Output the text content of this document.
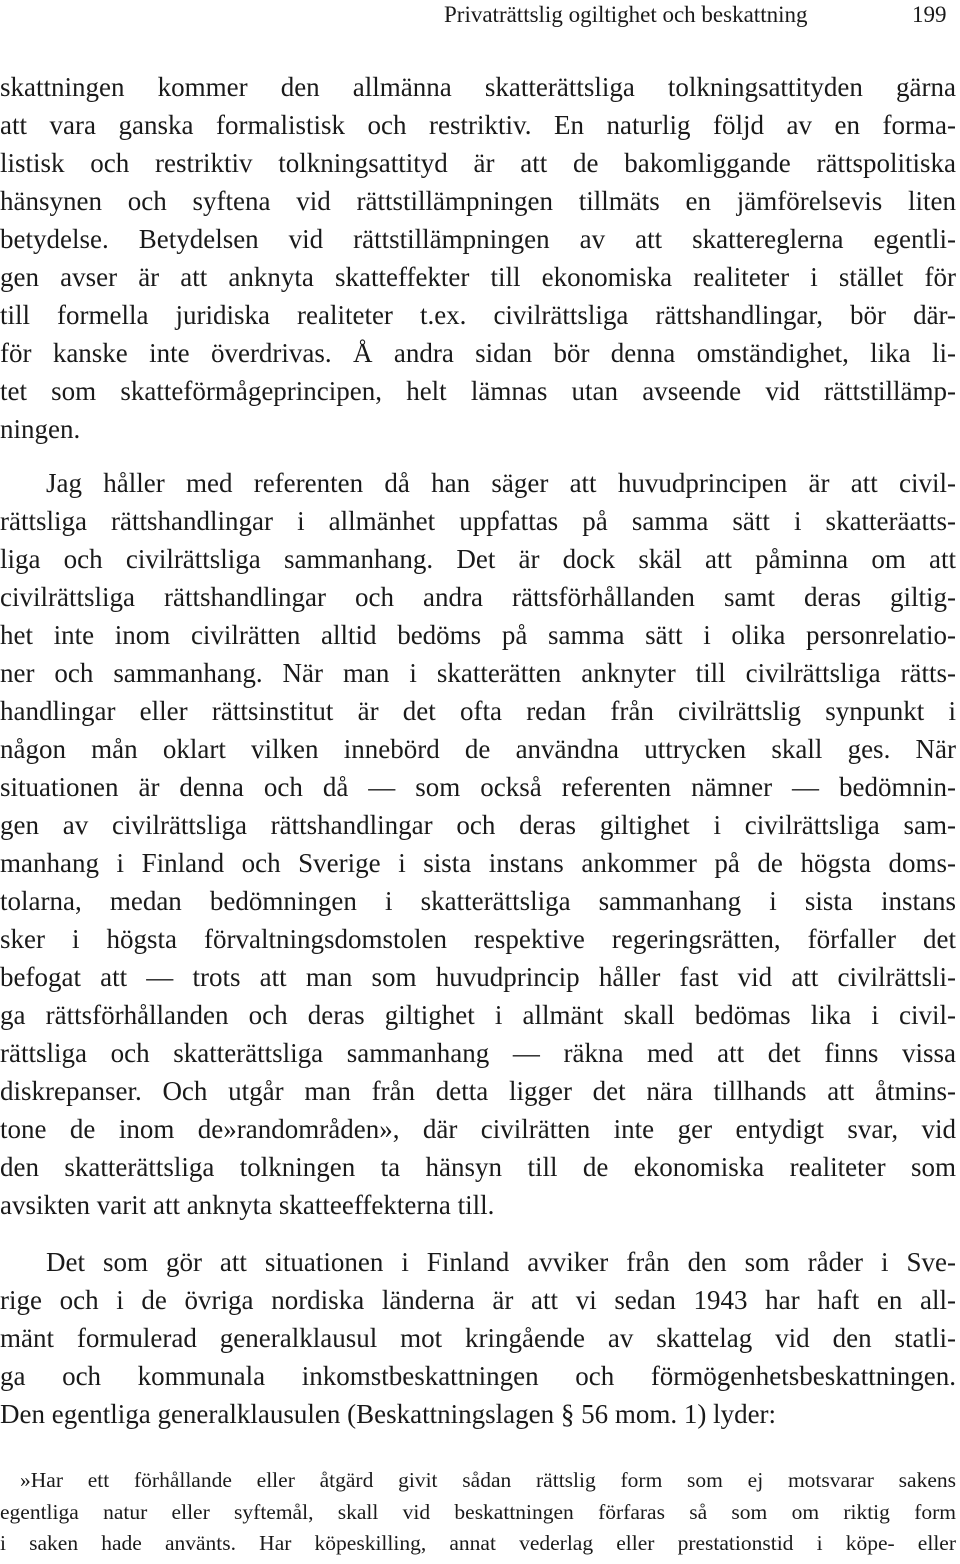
Privaträttslig ogiltighet och beskattning	199
skattningen kommer den allmänna skatterättsliga tolkningsattityden gärna
att vara ganska formalistisk och restriktiv. En naturlig följd av en forma-
listisk och restriktiv tolkningsattityd är att de bakomliggande rättspolitiska
hänsynen och syftena vid rättstillämpningen tillmäts en jämförelsevis liten
betydelse. Betydelsen vid rättstillämpningen av att skattereglerna egentli-
gen avser är att anknyta skatteffekter till ekonomiska realiteter i stället för
till formella juridiska realiteter t.ex. civilrättsliga rättshandlingar, bör där-
för kanske inte överdrivas. Å andra sidan bör denna omständighet, lika li-
tet som skatteförmågeprincipen, helt lämnas utan avseende vid rättstillämp-
ningen.
Jag håller med referenten då han säger att huvudprincipen är att civil-
rättsliga rättshandlingar i allmänhet uppfattas på samma sätt i skatteräatts-
liga och civilrättsliga sammanhang. Det är dock skäl att påminna om att
civilrättsliga rättshandlingar och andra rättsförhållanden samt deras giltig-
het inte inom civilrätten alltid bedöms på samma sätt i olika personrelatio-
ner och sammanhang. När man i skatterätten anknyter till civilrättsliga rätts-
handlingar eller rättsinstitut är det ofta redan från civilrättslig synpunkt i
någon mån oklart vilken innebörd de användna uttrycken skall ges. När
situationen är denna och då — som också referenten nämner — bedömnin-
gen av civilrättsliga rättshandlingar och deras giltighet i civilrättsliga sam-
manhang i Finland och Sverige i sista instans ankommer på de högsta doms-
tolarna, medan bedömningen i skatterättsliga sammanhang i sista instans
sker i högsta förvaltningsdomstolen respektive regeringsrätten, förfaller det
befogat att — trots att man som huvudprincip håller fast vid att civilrättsli-
ga rättsförhållanden och deras giltighet i allmänt skall bedömas lika i civil-
rättsliga och skatterättsliga sammanhang — räkna med att det finns vissa
diskrepanser. Och utgår man från detta ligger det nära tillhands att åtmins-
tone de inom de»randområden», där civilrätten inte ger entydigt svar, vid
den skatterättsliga tolkningen ta hänsyn till de ekonomiska realiteter som
avsikten varit att anknyta skatteeffekterna till.
Det som gör att situationen i Finland avviker från den som råder i Sve-
rige och i de övriga nordiska länderna är att vi sedan 1943 har haft en all-
mänt formulerad generalklausul mot kringående av skattelag vid den statli-
ga och kommunala inkomstbeskattningen och förmögenhetsbeskattningen.
Den egentliga generalklausulen (Beskattningslagen § 56 mom. 1) lyder:
»Har ett förhållande eller åtgärd givit sådan rättslig form som ej motsvarar sakens
egentliga natur eller syftemål, skall vid beskattningen förfaras så som om riktig form
i saken hade använts. Har köpeskilling, annat vederlag eller prestationstid i köpe- eller
